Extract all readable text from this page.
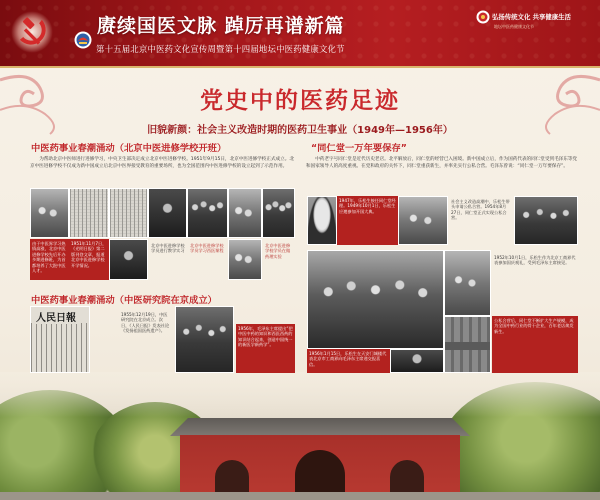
赓续国医文脉 踔厉再谱新篇
第十五届北京中医药文化宣传周暨第十四届地坛中医药健康文化节
弘扬传统文化 共享健康生活
地坛中医药健康文化节
党史中的医药足迹
旧貌新颜：社会主义改造时期的医药卫生事业（1949年—1956年）
中医药事业春潮涌动（北京中医进修学校开班）
为帮助北京中医师进行进修学习，中央卫生部决定成立北京中医进修学校。1951年9月15日，北京中医进修学校正式成立。北京中医进修学校不仅成为新中国成立后北京中医界接受教育的重要场所，也为全国范围内中医进修学校的设立起到了示范作用。
由于中医界学习热情高涨，北京中医进修学校先后开办多期进修班，为首都培养了大批中医人才。
1951年11月7日，《光明日报》第二版刊登文章，报道北京中医进修学校开学情况。
北京中医进修学校学员进行教学实习
北京中医进修学校学员学习西医课程
北京中医进修学校学员在做药理实验
中医药事业春潮涌动（中医研究院在京成立）
人民日報	1955年12月19日，中医研究院在北京成立。次日，《人民日报》发表社论《发扬祖国医药遗产》。	1956年，毛泽东主席提出“把中医中药的知识和西医西药的知识结合起来，创造中国统一的新医学新药学”。
“同仁堂一万年要保存”
中药老字号同仁堂是近代历史老店。北平解放后，同仁堂的经营已入困境。新中国成立后，作为国药代表的同仁堂受到毛泽东等党和国家领导人的高度重视。在党和政府的关怀下，同仁堂重获新生，并率先实行公私合营。毛泽东曾说：“同仁堂一万年要保存”。
1947年，乐松生接任同仁堂经理。1949年10月1日，乐松生应邀参加开国大典。
社会主义改造高潮中，乐松生带头申请公私合营。1954年8月27日，同仁堂正式实现公私合营。
1952年10月1日，乐松生作为北京工商界代表参加国庆观礼，受到毛泽东主席接见。
1956年1月15日，乐松生在天安门城楼代表北京市工商界向毛泽东主席递交报喜信。
公私合营后，同仁堂不断扩大生产规模，成为全国中药行业的骨干企业，百年老店焕发新生。
